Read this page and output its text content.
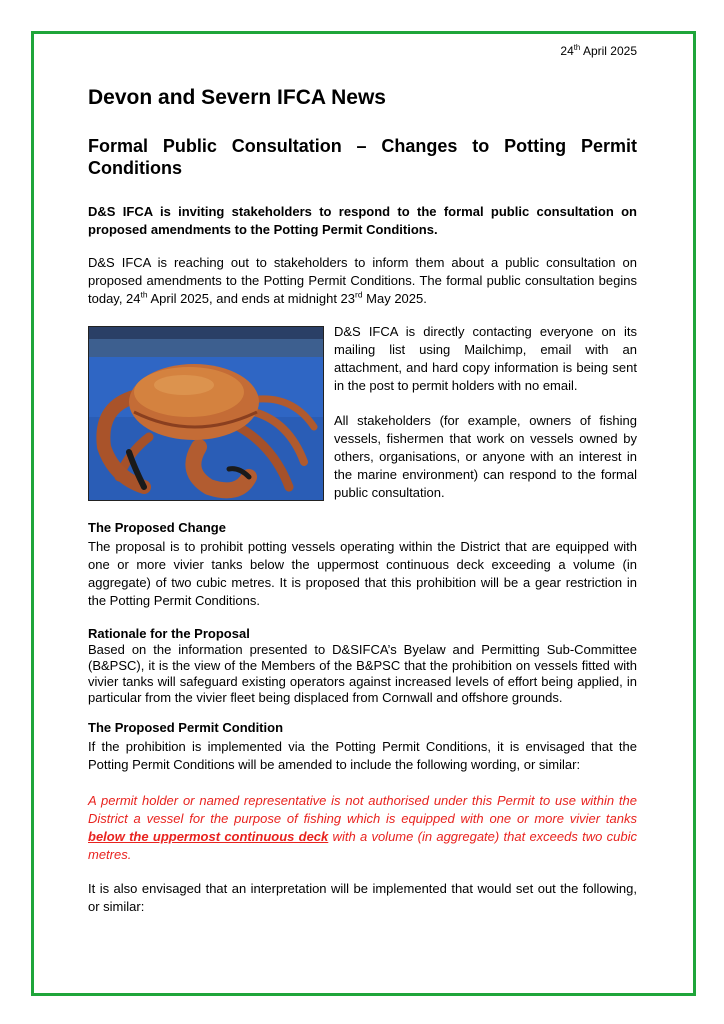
24th April 2025
Devon and Severn IFCA News
Formal Public Consultation – Changes to Potting Permit Conditions

D&S IFCA is inviting stakeholders to respond to the formal public consultation on proposed amendments to the Potting Permit Conditions.

D&S IFCA is reaching out to stakeholders to inform them about a public consultation on proposed amendments to the Potting Permit Conditions. The formal public consultation begins today, 24th April 2025, and ends at midnight 23rd May 2025.

D&S IFCA is directly contacting everyone on its mailing list using Mailchimp, email with an attachment, and hard copy information is being sent in the post to permit holders with no email.

All stakeholders (for example, owners of fishing vessels, fishermen that work on vessels owned by others, organisations, or anyone with an interest in the marine environment) can respond to the formal public consultation.

The Proposed Change

The proposal is to prohibit potting vessels operating within the District that are equipped with one or more vivier tanks below the uppermost continuous deck exceeding a volume (in aggregate) of two cubic metres. It is proposed that this prohibition will be a gear restriction in the Potting Permit Conditions.

Rationale for the Proposal

Based on the information presented to D&SIFCA’s Byelaw and Permitting Sub-Committee (B&PSC), it is the view of the Members of the B&PSC that the prohibition on vessels fitted with vivier tanks will safeguard existing operators against increased levels of effort being applied, in particular from the vivier fleet being displaced from Cornwall and offshore grounds.

The Proposed Permit Condition

If the prohibition is implemented via the Potting Permit Conditions, it is envisaged that the Potting Permit Conditions will be amended to include the following wording, or similar:

A permit holder or named representative is not authorised under this Permit to use within the District a vessel for the purpose of fishing which is equipped with one or more vivier tanks below the uppermost continuous deck with a volume (in aggregate) that exceeds two cubic metres.

It is also envisaged that an interpretation will be implemented that would set out the following, or similar:
